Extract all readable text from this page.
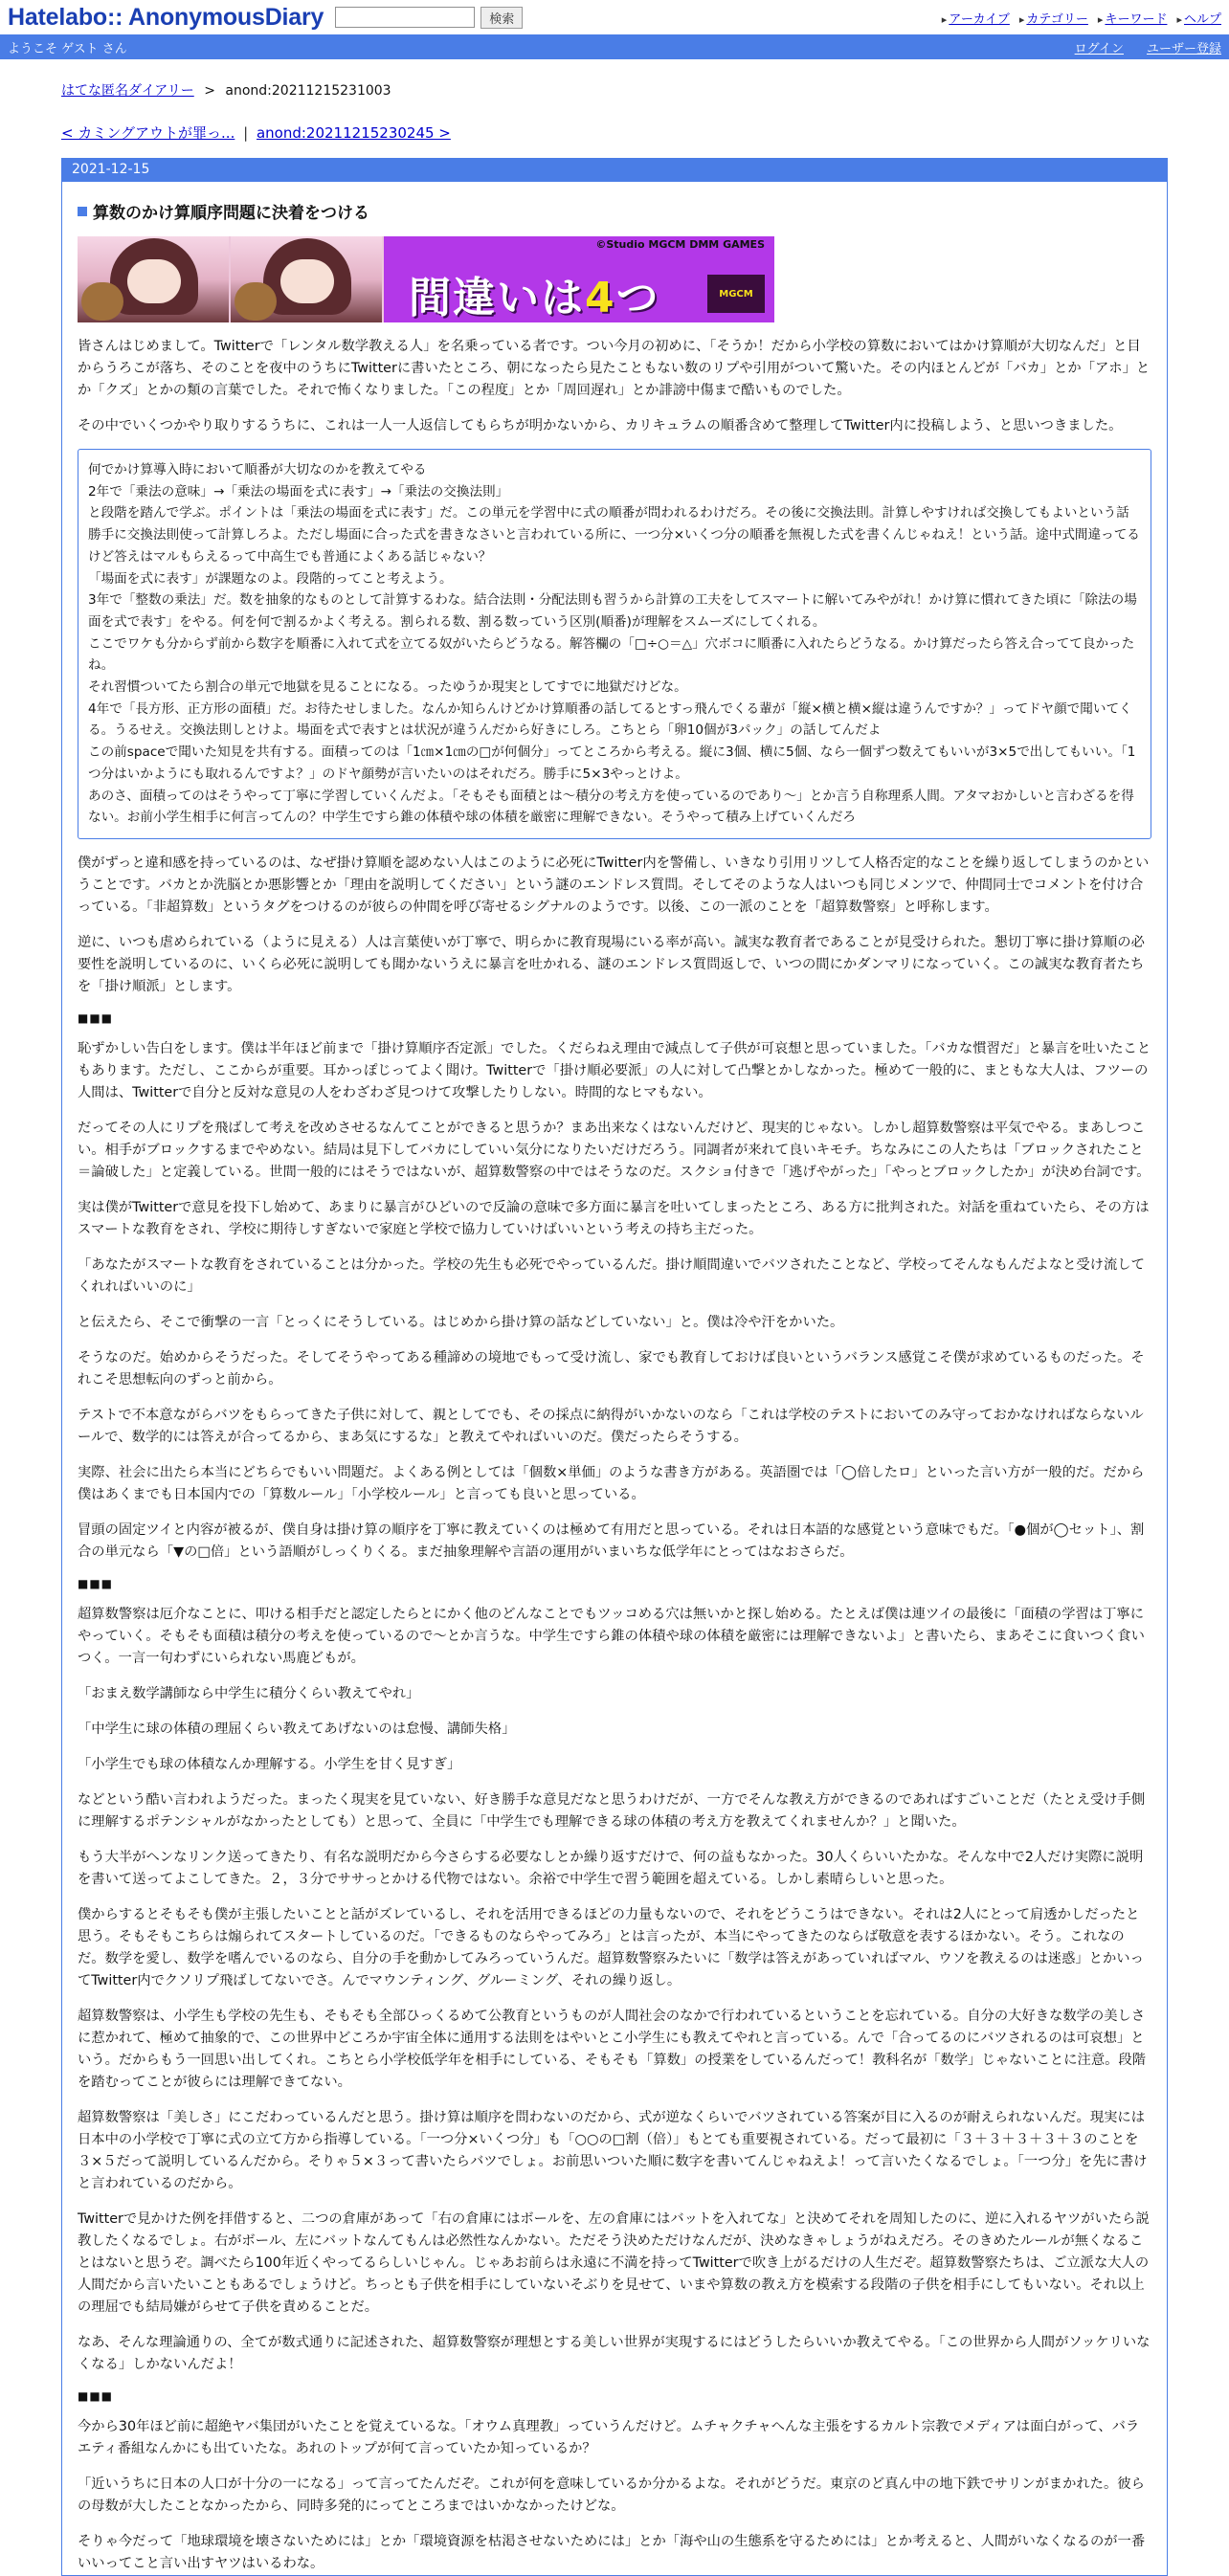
Hatelabo:: AnonymousDiary	検索	▸ アーカイブ ▸ カテゴリー ▸ キーワード ▸ ヘルプ
ようこそ ゲスト さん	ログイン ユーザー登録
はてな匿名ダイアリー > anond:20211215231003
< カミングアウトが罪っ... | anond:20211215230245 >
2021-12-15
算数のかけ算順序問題に決着をつける
©Studio MGCM DMM GAMES
間違いは4つ	MGCM

皆さんはじめまして。Twitterで「レンタル数学教える人」を名乗っている者です。つい今月の初めに、「そうか！だから小学校の算数においてはかけ算順が大切なんだ」と目からうろこが落ち、そのことを夜中のうちにTwitterに書いたところ、朝になったら見たこともない数のリプや引用がついて驚いた。その内ほとんどが「バカ」とか「アホ」とか「クズ」とかの類の言葉でした。それで怖くなりました。「この程度」とか「周回遅れ」とか誹謗中傷まで酷いものでした。

その中でいくつかやり取りするうちに、これは一人一人返信してもらちが明かないから、カリキュラムの順番含めて整理してTwitter内に投稿しよう、と思いつきました。

何でかけ算導入時において順番が大切なのかを教えてやる
2年で「乗法の意味」→「乗法の場面を式に表す」→「乗法の交換法則」
と段階を踏んで学ぶ。ポイントは「乗法の場面を式に表す」だ。この単元を学習中に式の順番が問われるわけだろ。その後に交換法則。計算しやすければ交換してもよいという話
勝手に交換法則使って計算しろよ。ただし場面に合った式を書きなさいと言われている所に、一つ分×いくつ分の順番を無視した式を書くんじゃねえ！という話。途中式間違ってるけど答えはマルもらえるって中高生でも普通によくある話じゃない？
「場面を式に表す」が課題なのよ。段階的ってこと考えよう。
3年で「整数の乗法」だ。数を抽象的なものとして計算するわな。結合法則・分配法則も習うから計算の工夫をしてスマートに解いてみやがれ！かけ算に慣れてきた頃に「除法の場面を式で表す」をやる。何を何で割るかよく考える。割られる数、割る数っていう区別(順番)が理解をスムーズにしてくれる。
ここでワケも分からず前から数字を順番に入れて式を立てる奴がいたらどうなる。解答欄の「□÷○＝△」穴ボコに順番に入れたらどうなる。かけ算だったら答え合ってて良かったね。
それ習慣ついてたら割合の単元で地獄を見ることになる。ったゆうか現実としてすでに地獄だけどな。
4年で「長方形、正方形の面積」だ。お待たせしました。なんか知らんけどかけ算順番の話してるとすっ飛んでくる輩が「縦×横と横×縦は違うんですか？」ってドヤ顔で聞いてくる。うるせえ。交換法則しとけよ。場面を式で表すとは状況が違うんだから好きにしろ。こちとら「卵10個が3パック」の話してんだよ
この前spaceで聞いた知見を共有する。面積ってのは「1㎝×1㎝の□が何個分」ってところから考える。縦に3個、横に5個、なら一個ずつ数えてもいいが3×5で出してもいい。「1つ分はいかようにも取れるんですよ？」のドヤ顔勢が言いたいのはそれだろ。勝手に5×3やっとけよ。
あのさ、面積ってのはそうやって丁寧に学習していくんだよ。「そもそも面積とは〜積分の考え方を使っているのであり〜」とか言う自称理系人間。アタマおかしいと言わざるを得ない。お前小学生相手に何言ってんの？中学生ですら錐の体積や球の体積を厳密に理解できない。そうやって積み上げていくんだろ

僕がずっと違和感を持っているのは、なぜ掛け算順を認めない人はこのように必死にTwitter内を警備し、いきなり引用リツして人格否定的なことを繰り返してしまうのかということです。バカとか洗脳とか悪影響とか「理由を説明してください」という謎のエンドレス質問。そしてそのような人はいつも同じメンツで、仲間同士でコメントを付け合っている。「非超算数」というタグをつけるのが彼らの仲間を呼び寄せるシグナルのようです。以後、この一派のことを「超算数警察」と呼称します。

逆に、いつも虐められている（ように見える）人は言葉使いが丁寧で、明らかに教育現場にいる率が高い。誠実な教育者であることが見受けられた。懇切丁寧に掛け算順の必要性を説明しているのに、いくら必死に説明しても聞かないうえに暴言を吐かれる、謎のエンドレス質問返しで、いつの間にかダンマリになっていく。この誠実な教育者たちを「掛け順派」とします。

■■■

恥ずかしい告白をします。僕は半年ほど前まで「掛け算順序否定派」でした。くだらねえ理由で減点して子供が可哀想と思っていました。「バカな慣習だ」と暴言を吐いたこともあります。ただし、ここからが重要。耳かっぽじってよく聞け。Twitterで「掛け順必要派」の人に対して凸撃とかしなかった。極めて一般的に、まともな大人は、フツーの人間は、Twitterで自分と反対な意見の人をわざわざ見つけて攻撃したりしない。時間的なヒマもない。

だってその人にリプを飛ばして考えを改めさせるなんてことができると思うか？まあ出来なくはないんだけど、現実的じゃない。しかし超算数警察は平気でやる。まあしつこい。相手がブロックするまでやめない。結局は見下してバカにしていい気分になりたいだけだろう。同調者が来れて良いキモチ。ちなみにこの人たちは「ブロックされたこと＝論破した」と定義している。世間一般的にはそうではないが、超算数警察の中ではそうなのだ。スクショ付きで「逃げやがった」「やっとブロックしたか」が決め台詞です。

実は僕がTwitterで意見を投下し始めて、あまりに暴言がひどいので反論の意味で多方面に暴言を吐いてしまったところ、ある方に批判された。対話を重ねていたら、その方は スマートな教育をされ、学校に期待しすぎないで家庭と学校で協力していけばいいという考えの持ち主だった。

「あなたがスマートな教育をされていることは分かった。学校の先生も必死でやっているんだ。掛け順間違いでバツされたことなど、学校ってそんなもんだよなと受け流してくれればいいのに」

と伝えたら、そこで衝撃の一言「とっくにそうしている。はじめから掛け算の話などしていない」と。僕は冷や汗をかいた。

そうなのだ。始めからそうだった。そしてそうやってある種諦めの境地でもって受け流し、家でも教育しておけば良いというバランス感覚こそ僕が求めているものだった。それこそ思想転向のずっと前から。

テストで不本意ながらバツをもらってきた子供に対して、親としてでも、その採点に納得がいかないのなら「これは学校のテストにおいてのみ守っておかなければならないルールで、数学的には答えが合ってるから、まあ気にするな」と教えてやればいいのだ。僕だったらそうする。

実際、社会に出たら本当にどちらでもいい問題だ。よくある例としては「個数×単価」のような書き方がある。英語圏では「◯倍したロ」といった言い方が一般的だ。だから僕はあくまでも日本国内での「算数ルール」「小学校ルール」と言っても良いと思っている。

冒頭の固定ツイと内容が被るが、僕自身は掛け算の順序を丁寧に教えていくのは極めて有用だと思っている。それは日本語的な感覚という意味でもだ。「●個が◯セット」、割合の単元なら「▼の□倍」という語順がしっくりくる。まだ抽象理解や言語の運用がいまいちな低学年にとってはなおさらだ。

■■■

超算数警察は厄介なことに、叩ける相手だと認定したらとにかく他のどんなことでもツッコめる穴は無いかと探し始める。たとえば僕は連ツイの最後に「面積の学習は丁寧にやっていく。そもそも面積は積分の考えを使っているので〜とか言うな。中学生ですら錐の体積や球の体積を厳密には理解できないよ」と書いたら、まあそこに食いつく食いつく。一言一句わずにいられない馬鹿どもが。

「おまえ数学講師なら中学生に積分くらい教えてやれ」

「中学生に球の体積の理屈くらい教えてあげないのは怠慢、講師失格」

「小学生でも球の体積なんか理解する。小学生を甘く見すぎ」

などという酷い言われようだった。まったく現実を見ていない、好き勝手な意見だなと思うわけだが、一方でそんな教え方ができるのであればすごいことだ（たとえ受け手側に理解するポテンシャルがなかったとしても）と思って、全員に「中学生でも理解できる球の体積の考え方を教えてくれませんか？」と聞いた。

もう大半がヘンなリンク送ってきたり、有名な説明だから今さらする必要なしとか繰り返すだけで、何の益もなかった。30人くらいいたかな。そんな中で2人だけ実際に説明を書いて送ってよこしてきた。２，３分でササっとかける代物ではない。余裕で中学生で習う範囲を超えている。しかし素晴らしいと思った。

僕からするとそもそも僕が主張したいことと話がズレているし、それを活用できるほどの力量もないので、それをどうこうはできない。それは2人にとって肩透かしだったと思う。そもそもこちらは煽られてスタートしているのだ。「できるものならやってみろ」とは言ったが、本当にやってきたのならば敬意を表するほかない。そう。これなのだ。数学を愛し、数学を嗜んでいるのなら、自分の手を動かしてみろっていうんだ。超算数警察みたいに「数学は答えがあっていればマル、ウソを教えるのは迷惑」とかいってTwitter内でクソリプ飛ばしてないでさ。んでマウンティング、グルーミング、それの繰り返し。

超算数警察は、小学生も学校の先生も、そもそも全部ひっくるめて公教育というものが人間社会のなかで行われているということを忘れている。自分の大好きな数学の美しさに惹かれて、極めて抽象的で、この世界中どころか宇宙全体に通用する法則をはやいとこ小学生にも教えてやれと言っている。んで「合ってるのにバツされるのは可哀想」という。だからもう一回思い出してくれ。こちとら小学校低学年を相手にしている、そもそも「算数」の授業をしているんだって！教科名が「数学」じゃないことに注意。段階を踏むってことが彼らには理解できてない。

超算数警察は「美しさ」にこだわっているんだと思う。掛け算は順序を問わないのだから、式が逆なくらいでバツされている答案が目に入るのが耐えられないんだ。現実には日本中の小学校で丁寧に式の立て方から指導している。「一つ分×いくつ分」も「○○の□割（倍）」もとても重要視されている。だって最初に「３＋３＋３＋３＋３のことを３×５だって説明しているんだから。そりゃ５×３って書いたらバツでしょ。お前思いついた順に数字を書いてんじゃねえよ！って言いたくなるでしょ。「一つ分」を先に書けと言われているのだから。

Twitterで見かけた例を拝借すると、二つの倉庫があって「右の倉庫にはボールを、左の倉庫にはバットを入れてな」と決めてそれを周知したのに、逆に入れるヤツがいたら説教したくなるでしょ。右がボール、左にバットなんてもんは必然性なんかない。ただそう決めただけなんだが、決めなきゃしょうがねえだろ。そのきめたルールが無くなることはないと思うぞ。調べたら100年近くやってるらしいじゃん。じゃあお前らは永遠に不満を持ってTwitterで吹き上がるだけの人生だぞ。超算数警察たちは、ご立派な大人の人間だから言いたいこともあるでしょうけど。ちっとも子供を相手にしていないそぶりを見せて、いまや算数の教え方を模索する段階の子供を相手にしてもいない。それ以上の理屈でも結局嫌がらせて子供を責めることだ。

なあ、そんな理論通りの、全てが数式通りに記述された、超算数警察が理想とする美しい世界が実現するにはどうしたらいいか教えてやる。「この世界から人間がソッケリいなくなる」しかないんだよ！

■■■

今から30年ほど前に超絶ヤバ集団がいたことを覚えているな。「オウム真理教」っていうんだけど。ムチャクチャへんな主張をするカルト宗教でメディアは面白がって、バラエティ番組なんかにも出ていたな。あれのトップが何て言っていたか知っているか？

「近いうちに日本の人口が十分の一になる」って言ってたんだぞ。これが何を意味しているか分かるよな。それがどうだ。東京のど真ん中の地下鉄でサリンがまかれた。彼らの母数が大したことなかったから、同時多発的にってところまではいかなかったけどな。

そりゃ今だって「地球環境を壊さないためには」とか「環境資源を枯渇させないためには」とか「海や山の生態系を守るためには」とか考えると、人間がいなくなるのが一番いいってこと言い出すヤツはいるわな。
